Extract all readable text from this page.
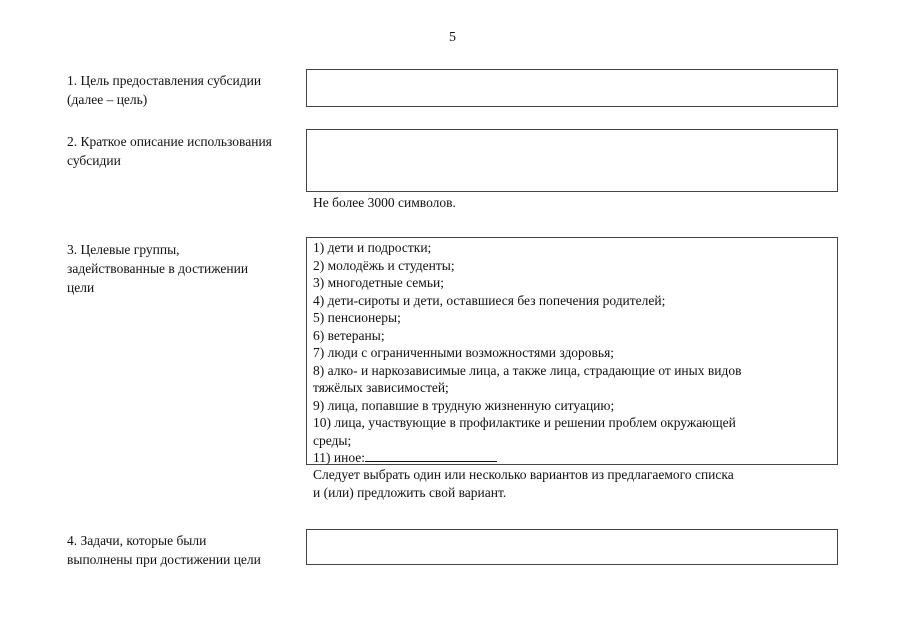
5
1. Цель предоставления субсидии
(далее – цель)
2. Краткое описание использования
субсидии
Не более 3000 символов.
3. Целевые группы,
задействованные в достижении
цели
1) дети и подростки;
2) молодёжь и студенты;
3) многодетные семьи;
4) дети-сироты и дети, оставшиеся без попечения родителей;
5) пенсионеры;
6) ветераны;
7) люди с ограниченными возможностями здоровья;
8) алко- и наркозависимые лица, а также лица, страдающие от иных видов
тяжёлых зависимостей;
9) лица, попавшие в трудную жизненную ситуацию;
10) лица, участвующие в профилактике и решении проблем окружающей
среды;
11) иное:
Следует выбрать один или несколько вариантов из предлагаемого списка
и (или) предложить свой вариант.
4. Задачи, которые были
выполнены при достижении цели
